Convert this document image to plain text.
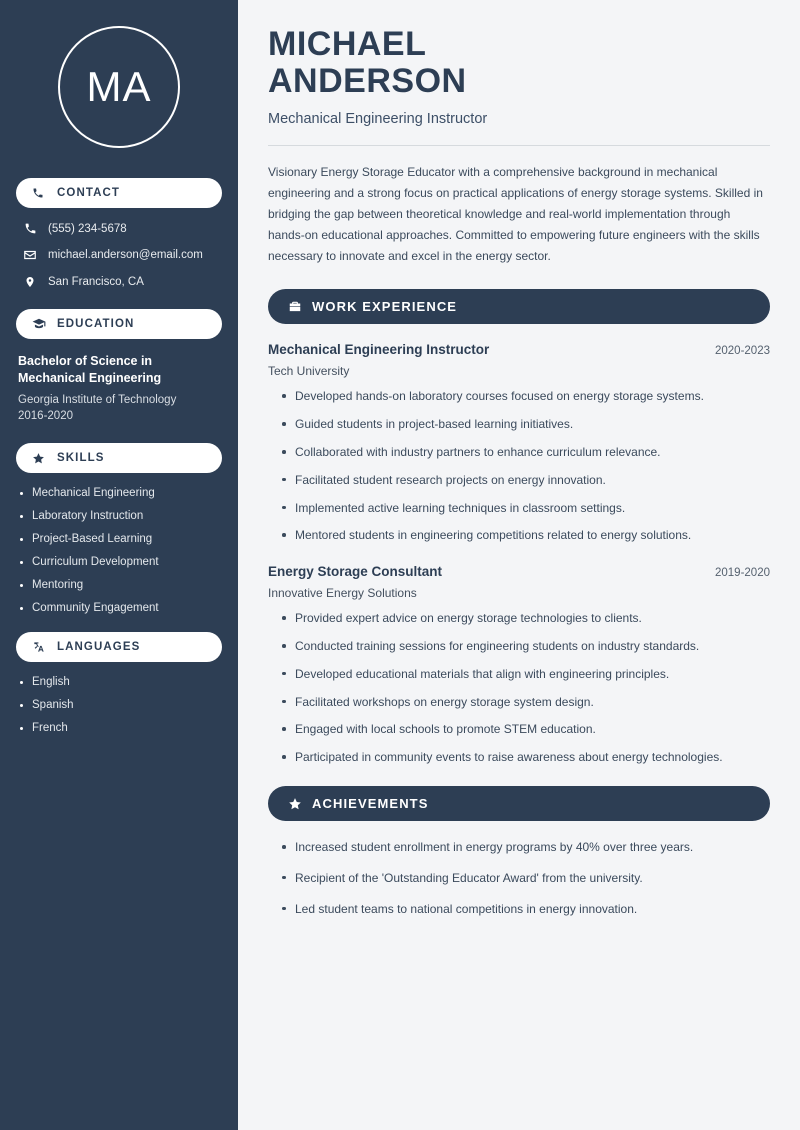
MA
CONTACT
(555) 234-5678
michael.anderson@email.com
San Francisco, CA
EDUCATION
Bachelor of Science in Mechanical Engineering
Georgia Institute of Technology
2016-2020
SKILLS
Mechanical Engineering
Laboratory Instruction
Project-Based Learning
Curriculum Development
Mentoring
Community Engagement
LANGUAGES
English
Spanish
French
MICHAEL
ANDERSON
Mechanical Engineering Instructor

Visionary Energy Storage Educator with a comprehensive background in mechanical engineering and a strong focus on practical applications of energy storage systems. Skilled in bridging the gap between theoretical knowledge and real-world implementation through hands-on educational approaches. Committed to empowering future engineers with the skills necessary to innovate and excel in the energy sector.

WORK EXPERIENCE
Mechanical Engineering Instructor	2020-2023
Tech University
Developed hands-on laboratory courses focused on energy storage systems.
Guided students in project-based learning initiatives.
Collaborated with industry partners to enhance curriculum relevance.
Facilitated student research projects on energy innovation.
Implemented active learning techniques in classroom settings.
Mentored students in engineering competitions related to energy solutions.
Energy Storage Consultant	2019-2020
Innovative Energy Solutions
Provided expert advice on energy storage technologies to clients.
Conducted training sessions for engineering students on industry standards.
Developed educational materials that align with engineering principles.
Facilitated workshops on energy storage system design.
Engaged with local schools to promote STEM education.
Participated in community events to raise awareness about energy technologies.
ACHIEVEMENTS
Increased student enrollment in energy programs by 40% over three years.
Recipient of the 'Outstanding Educator Award' from the university.
Led student teams to national competitions in energy innovation.
